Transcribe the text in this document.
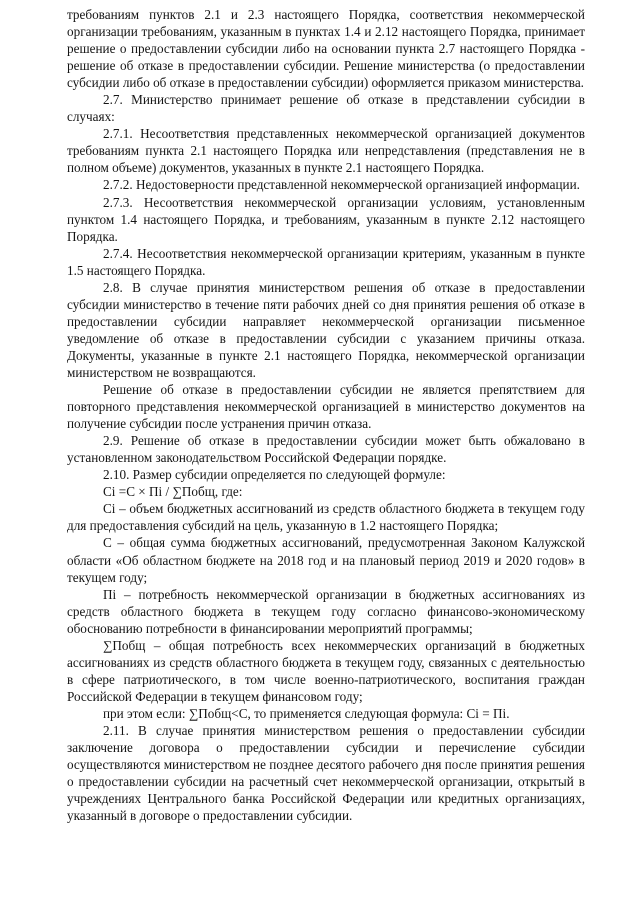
требованиям пунктов 2.1 и 2.3 настоящего Порядка, соответствия некоммерческой организации требованиям, указанным в пунктах 1.4 и 2.12 настоящего Порядка, принимает решение о предоставлении субсидии либо на основании пункта 2.7 настоящего Порядка - решение об отказе в предоставлении субсидии. Решение министерства (о предоставлении субсидии либо об отказе в предоставлении субсидии) оформляется приказом министерства.

2.7. Министерство принимает решение об отказе в представлении субсидии в случаях:

2.7.1. Несоответствия представленных некоммерческой организацией документов требованиям пункта 2.1 настоящего Порядка или непредставления (представления не в полном объеме) документов, указанных в пункте 2.1 настоящего Порядка.

2.7.2. Недостоверности представленной некоммерческой организацией информации.

2.7.3. Несоответствия некоммерческой организации условиям, установленным пунктом 1.4 настоящего Порядка, и требованиям, указанным в пункте 2.12 настоящего Порядка.

2.7.4. Несоответствия некоммерческой организации критериям, указанным в пункте 1.5 настоящего Порядка.

2.8. В случае принятия министерством решения об отказе в предоставлении субсидии министерство в течение пяти рабочих дней со дня принятия решения об отказе в предоставлении субсидии направляет некоммерческой организации письменное уведомление об отказе в предоставлении субсидии с указанием причины отказа. Документы, указанные в пункте 2.1 настоящего Порядка, некоммерческой организации министерством не возвращаются.

Решение об отказе в предоставлении субсидии не является препятствием для повторного представления некоммерческой организацией в министерство документов на получение субсидии после устранения причин отказа.

2.9. Решение об отказе в предоставлении субсидии может быть обжаловано в установленном законодательством Российской Федерации порядке.

2.10. Размер субсидии определяется по следующей формуле:

Ci =C × Пi / ∑Побщ, где:

Ci – объем бюджетных ассигнований из средств областного бюджета в текущем году для предоставления субсидий на цель, указанную в 1.2 настоящего Порядка;

С – общая сумма бюджетных ассигнований, предусмотренная Законом Калужской области «Об областном бюджете на 2018 год и на плановый период 2019 и 2020 годов» в текущем году;

Пi – потребность некоммерческой организации в бюджетных ассигнованиях из средств областного бюджета в текущем году согласно финансово-экономическому обоснованию потребности в финансировании мероприятий программы;

∑Побщ – общая потребность всех некоммерческих организаций в бюджетных ассигнованиях из средств областного бюджета в текущем году, связанных с деятельностью в сфере патриотического, в том числе военно-патриотического, воспитания граждан Российской Федерации в текущем финансовом году;

при этом если: ∑Побщ<C, то применяется следующая формула: Ci = Пi.

2.11. В случае принятия министерством решения о предоставлении субсидии заключение договора о предоставлении субсидии и перечисление субсидии осуществляются министерством не позднее десятого рабочего дня после принятия решения о предоставлении субсидии на расчетный счет некоммерческой организации, открытый в учреждениях Центрального банка Российской Федерации или кредитных организациях, указанный в договоре о предоставлении субсидии.
